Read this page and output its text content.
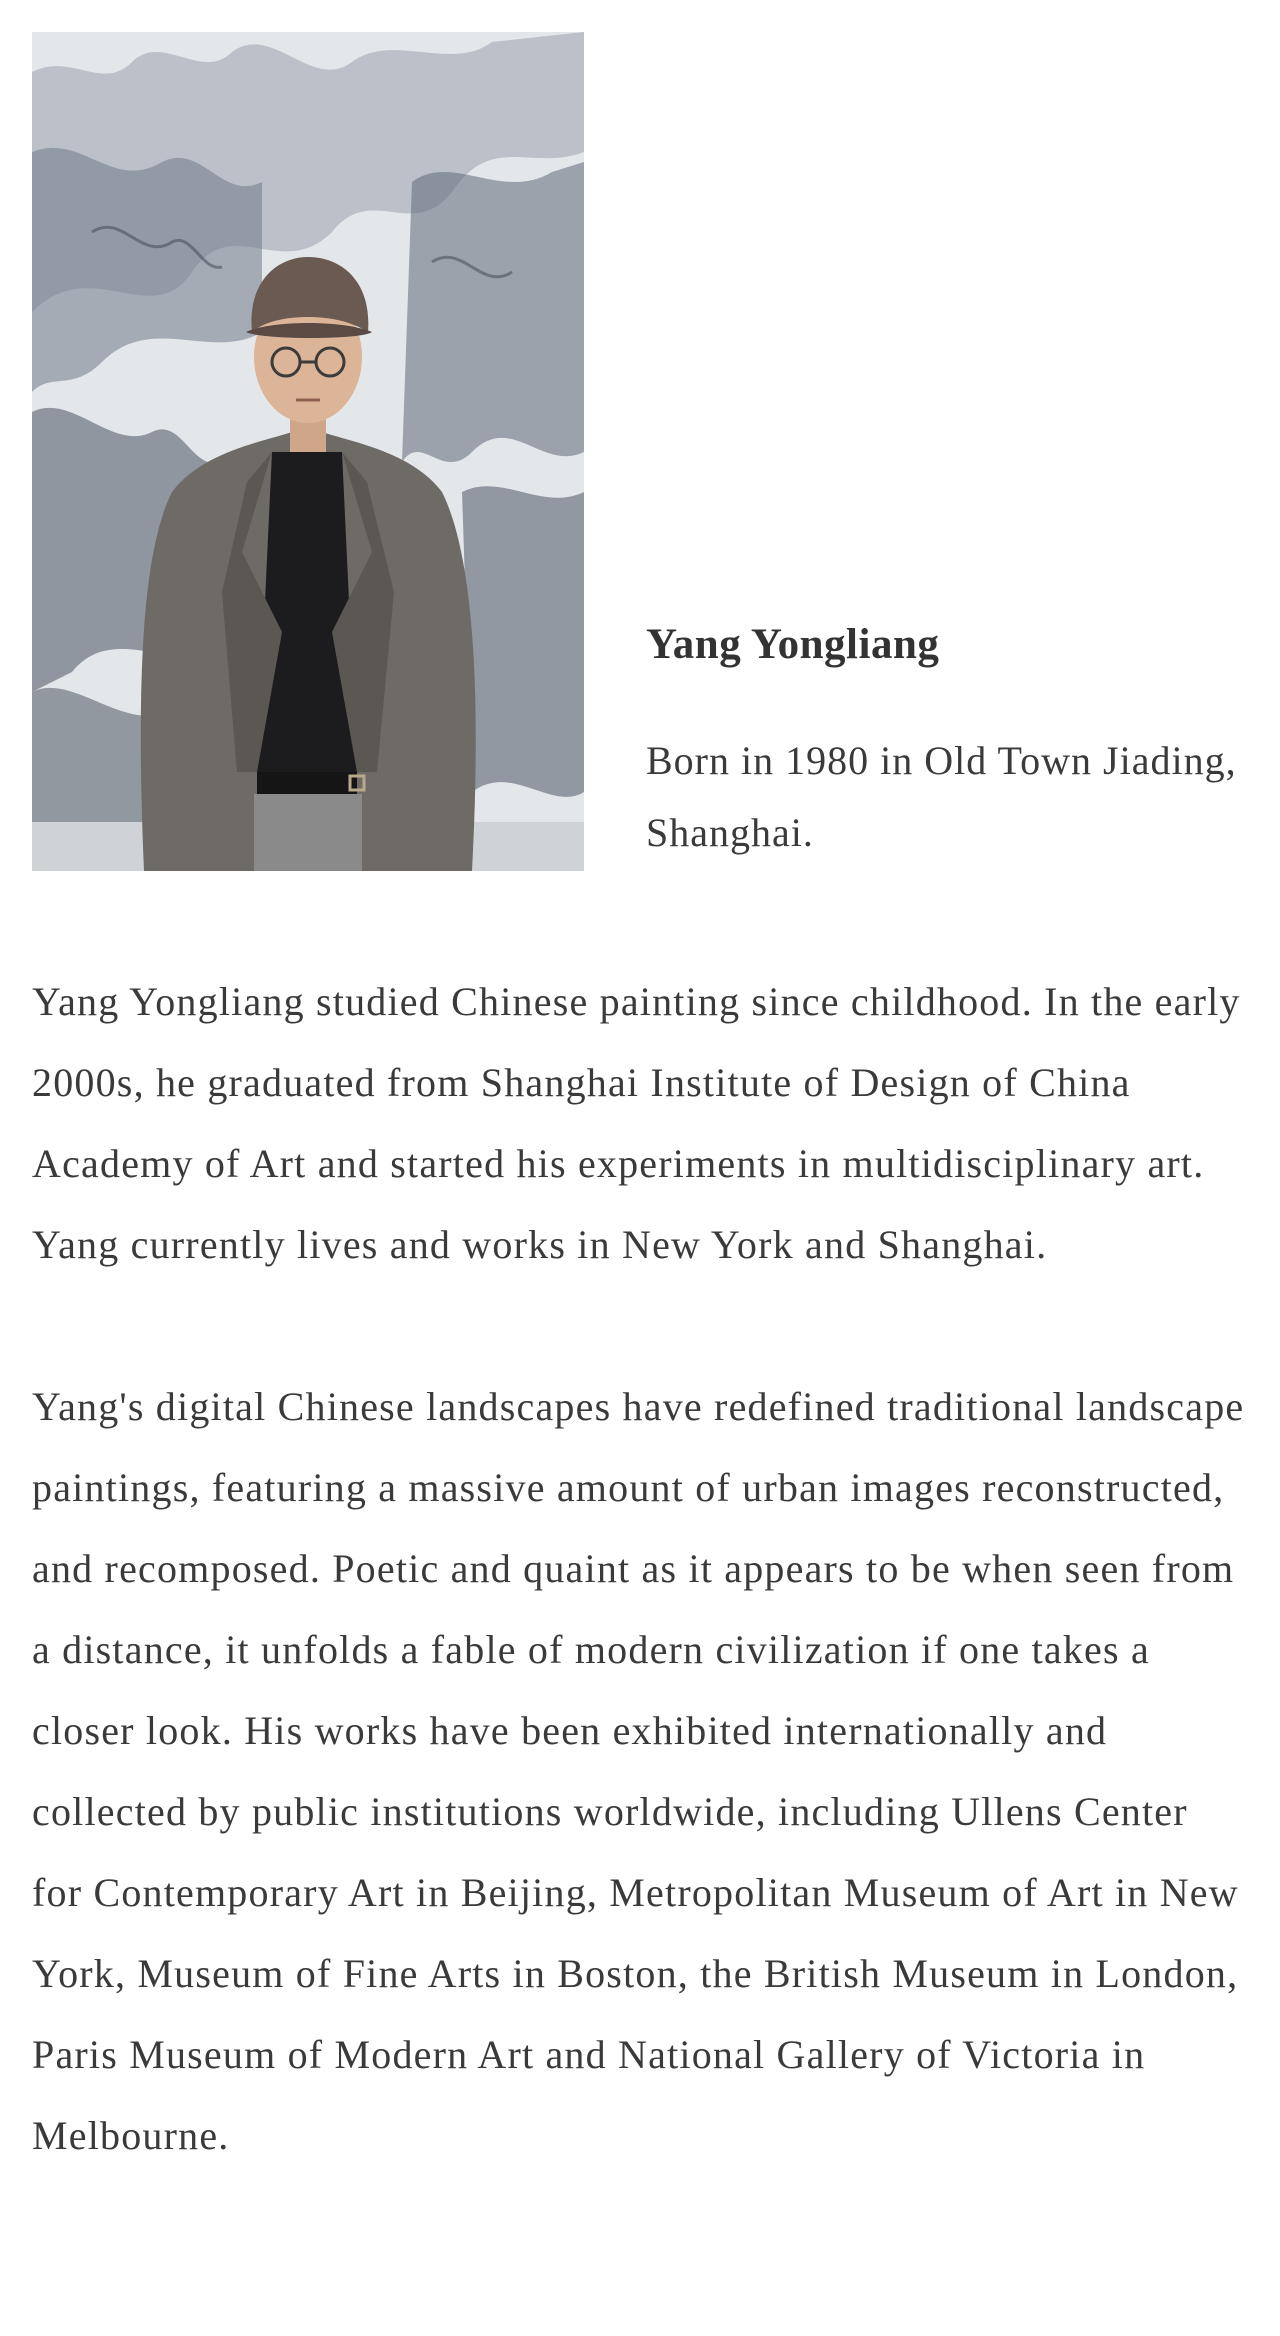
Yang Yongliang

Born in 1980 in Old Town Jiading, Shanghai.

Yang Yongliang studied Chinese painting since childhood. In the early 2000s, he graduated from Shanghai Institute of Design of China Academy of Art and started his experiments in multidisciplinary art. Yang currently lives and works in New York and Shanghai.

Yang's digital Chinese landscapes have redefined traditional landscape paintings, featuring a massive amount of urban images reconstructed, and recomposed. Poetic and quaint as it appears to be when seen from a distance, it unfolds a fable of modern civilization if one takes a closer look. His works have been exhibited internationally and collected by public institutions worldwide, including Ullens Center for Contemporary Art in Beijing, Metropolitan Museum of Art in New York, Museum of Fine Arts in Boston, the British Museum in London, Paris Museum of Modern Art and National Gallery of Victoria in Melbourne.
